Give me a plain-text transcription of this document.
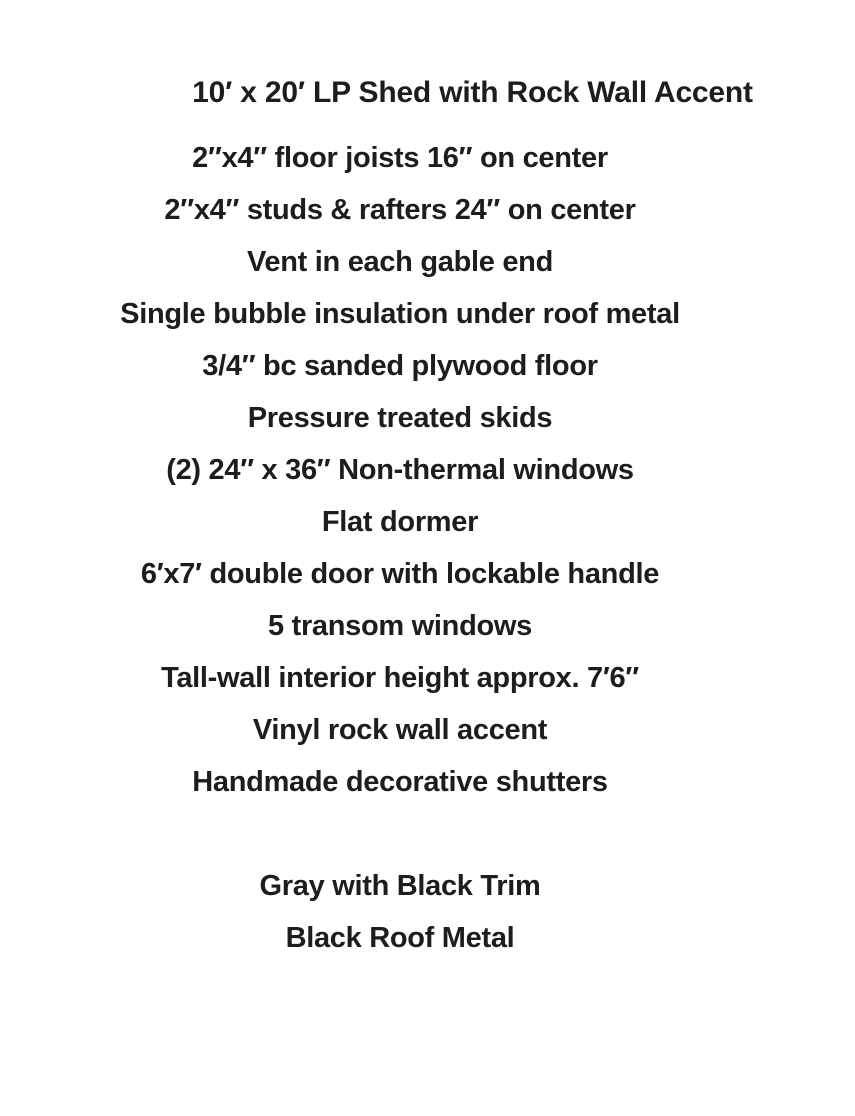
10′ x 20′ LP Shed with Rock Wall Accent
2″x4″ floor joists 16″ on center
2″x4″ studs & rafters 24″ on center
Vent in each gable end
Single bubble insulation under roof metal
3/4″ bc sanded plywood floor
Pressure treated skids
(2) 24″ x 36″ Non-thermal windows
Flat dormer
6′x7′ double door with lockable handle
5 transom windows
Tall-wall interior height approx. 7′6″
Vinyl rock wall accent
Handmade decorative shutters
Gray with Black Trim
Black Roof Metal
